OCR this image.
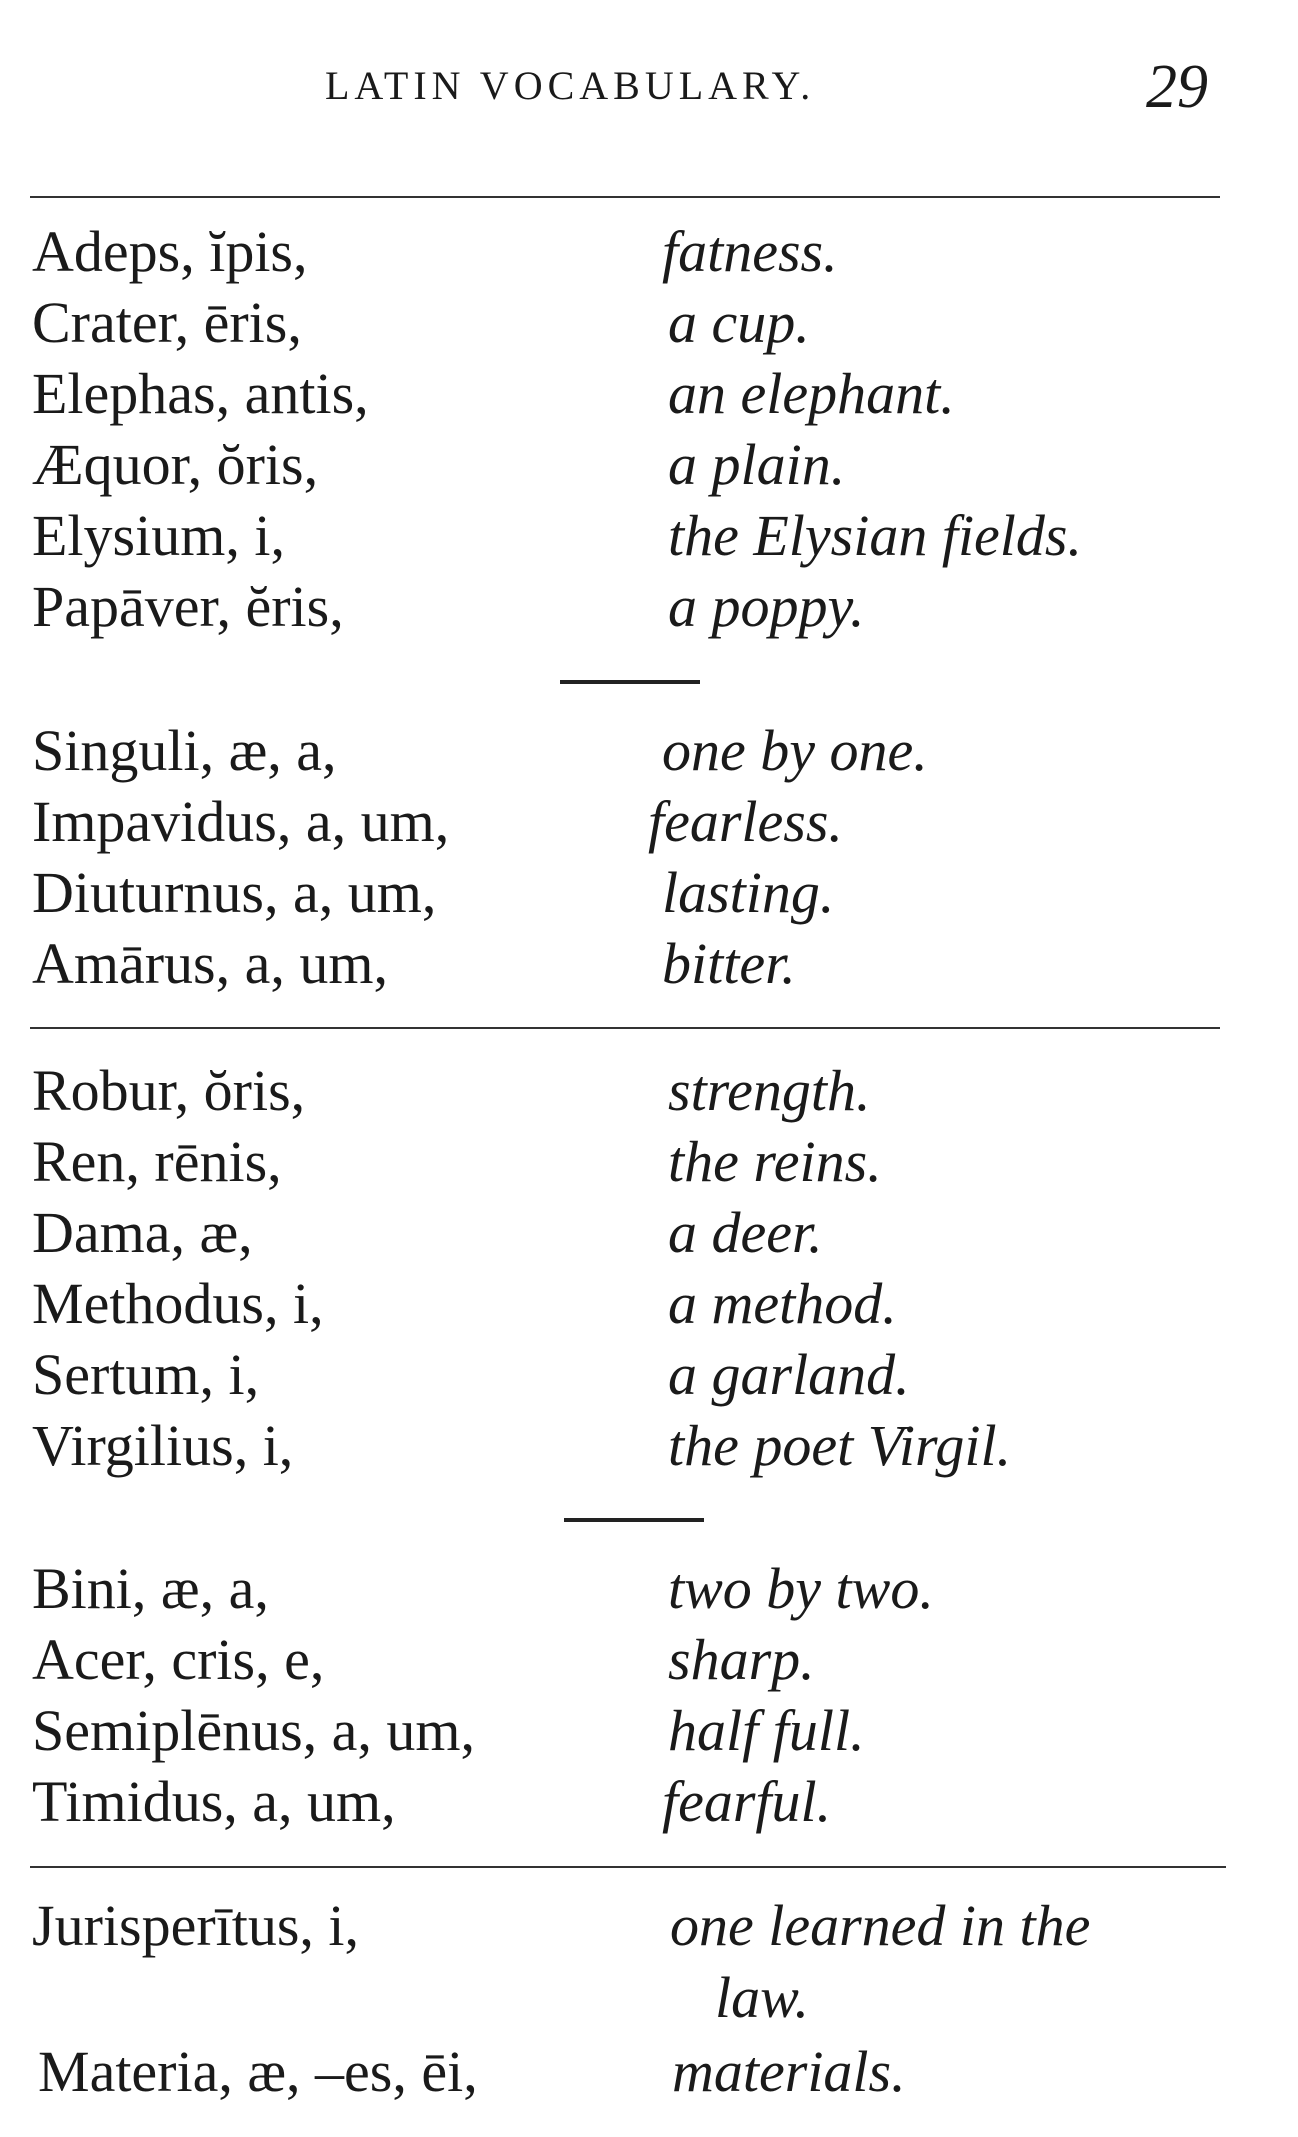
LATIN VOCABULARY.	29
Adeps, ĭpis,	fatness.
Crater, ēris,	a cup.
Elephas, antis,	an elephant.
Æquor, ŏris,	a plain.
Elysium, i,	the Elysian fields.
Papāver, ĕris,	a poppy.
Singuli, æ, a,	one by one.
Impavidus, a, um,	fearless.
Diuturnus, a, um,	lasting.
Amārus, a, um,	bitter.
Robur, ŏris,	strength.
Ren, rēnis,	the reins.
Dama, æ,	a deer.
Methodus, i,	a method.
Sertum, i,	a garland.
Virgilius, i,	the poet Virgil.
Bini, æ, a,	two by two.
Acer, cris, e,	sharp.
Semiplēnus, a, um,	half full.
Timidus, a, um,	fearful.
Jurisperītus, i,	one learned in the
law.
Materia, æ, –es, ēi,	materials.
